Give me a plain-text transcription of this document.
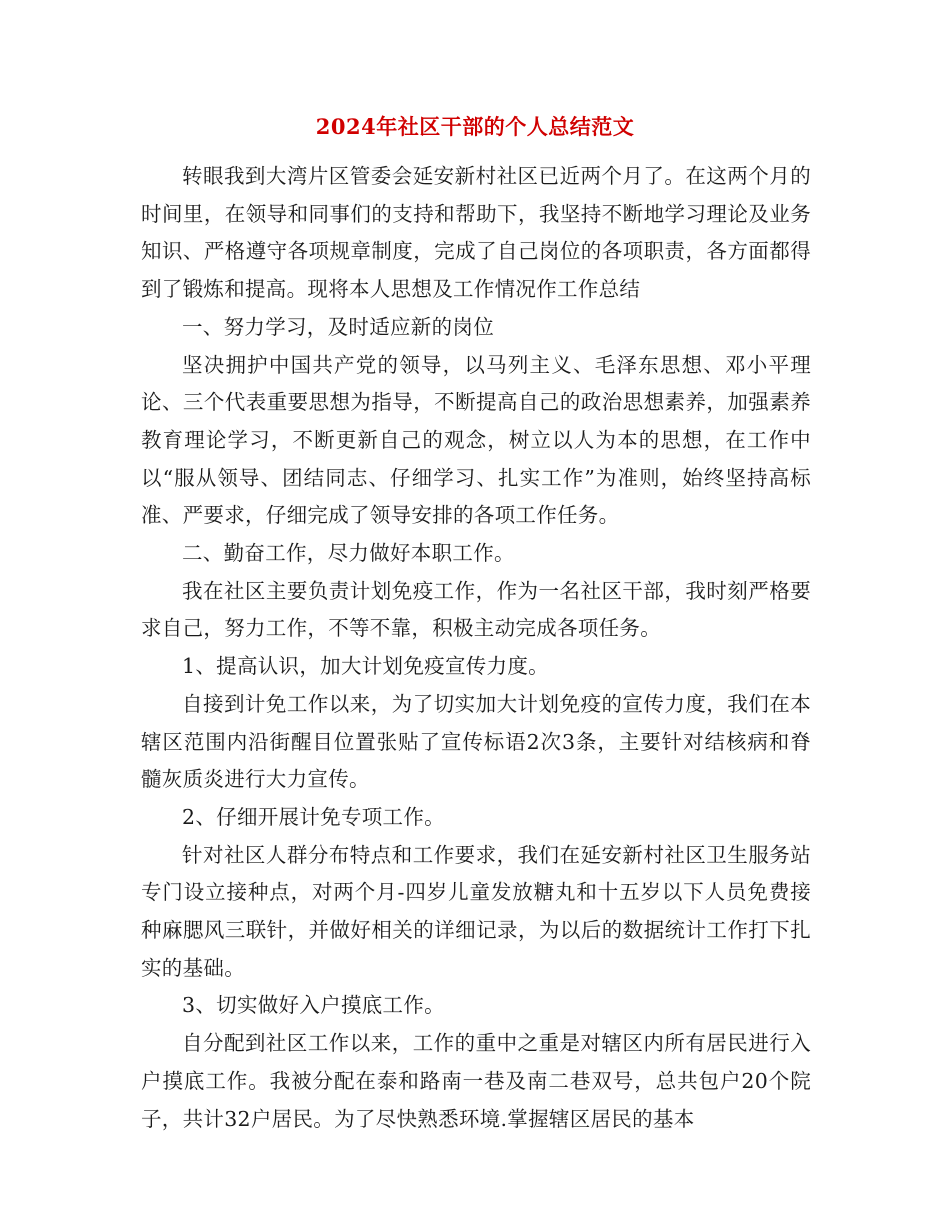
2024年社区干部的个人总结范文

转眼我到大湾片区管委会延安新村社区已近两个月了。在这两个月的时间里，在领导和同事们的支持和帮助下，我坚持不断地学习理论及业务知识、严格遵守各项规章制度，完成了自己岗位的各项职责，各方面都得到了锻炼和提高。现将本人思想及工作情况作工作总结

一、努力学习，及时适应新的岗位

坚决拥护中国共产党的领导，以马列主义、毛泽东思想、邓小平理论、三个代表重要思想为指导，不断提高自己的政治思想素养，加强素养教育理论学习，不断更新自己的观念，树立以人为本的思想，在工作中以“服从领导、团结同志、仔细学习、扎实工作”为准则，始终坚持高标准、严要求，仔细完成了领导安排的各项工作任务。

二、勤奋工作，尽力做好本职工作。

我在社区主要负责计划免疫工作，作为一名社区干部，我时刻严格要求自己，努力工作，不等不靠，积极主动完成各项任务。

1、提高认识，加大计划免疫宣传力度。

自接到计免工作以来，为了切实加大计划免疫的宣传力度，我们在本辖区范围内沿街醒目位置张贴了宣传标语2次3条，主要针对结核病和脊髓灰质炎进行大力宣传。

2、仔细开展计免专项工作。

针对社区人群分布特点和工作要求，我们在延安新村社区卫生服务站专门设立接种点，对两个月-四岁儿童发放糖丸和十五岁以下人员免费接种麻腮风三联针，并做好相关的详细记录，为以后的数据统计工作打下扎实的基础。

3、切实做好入户摸底工作。

自分配到社区工作以来，工作的重中之重是对辖区内所有居民进行入户摸底工作。我被分配在泰和路南一巷及南二巷双号，总共包户20个院子，共计32户居民。为了尽快熟悉环境.掌握辖区居民的基本
